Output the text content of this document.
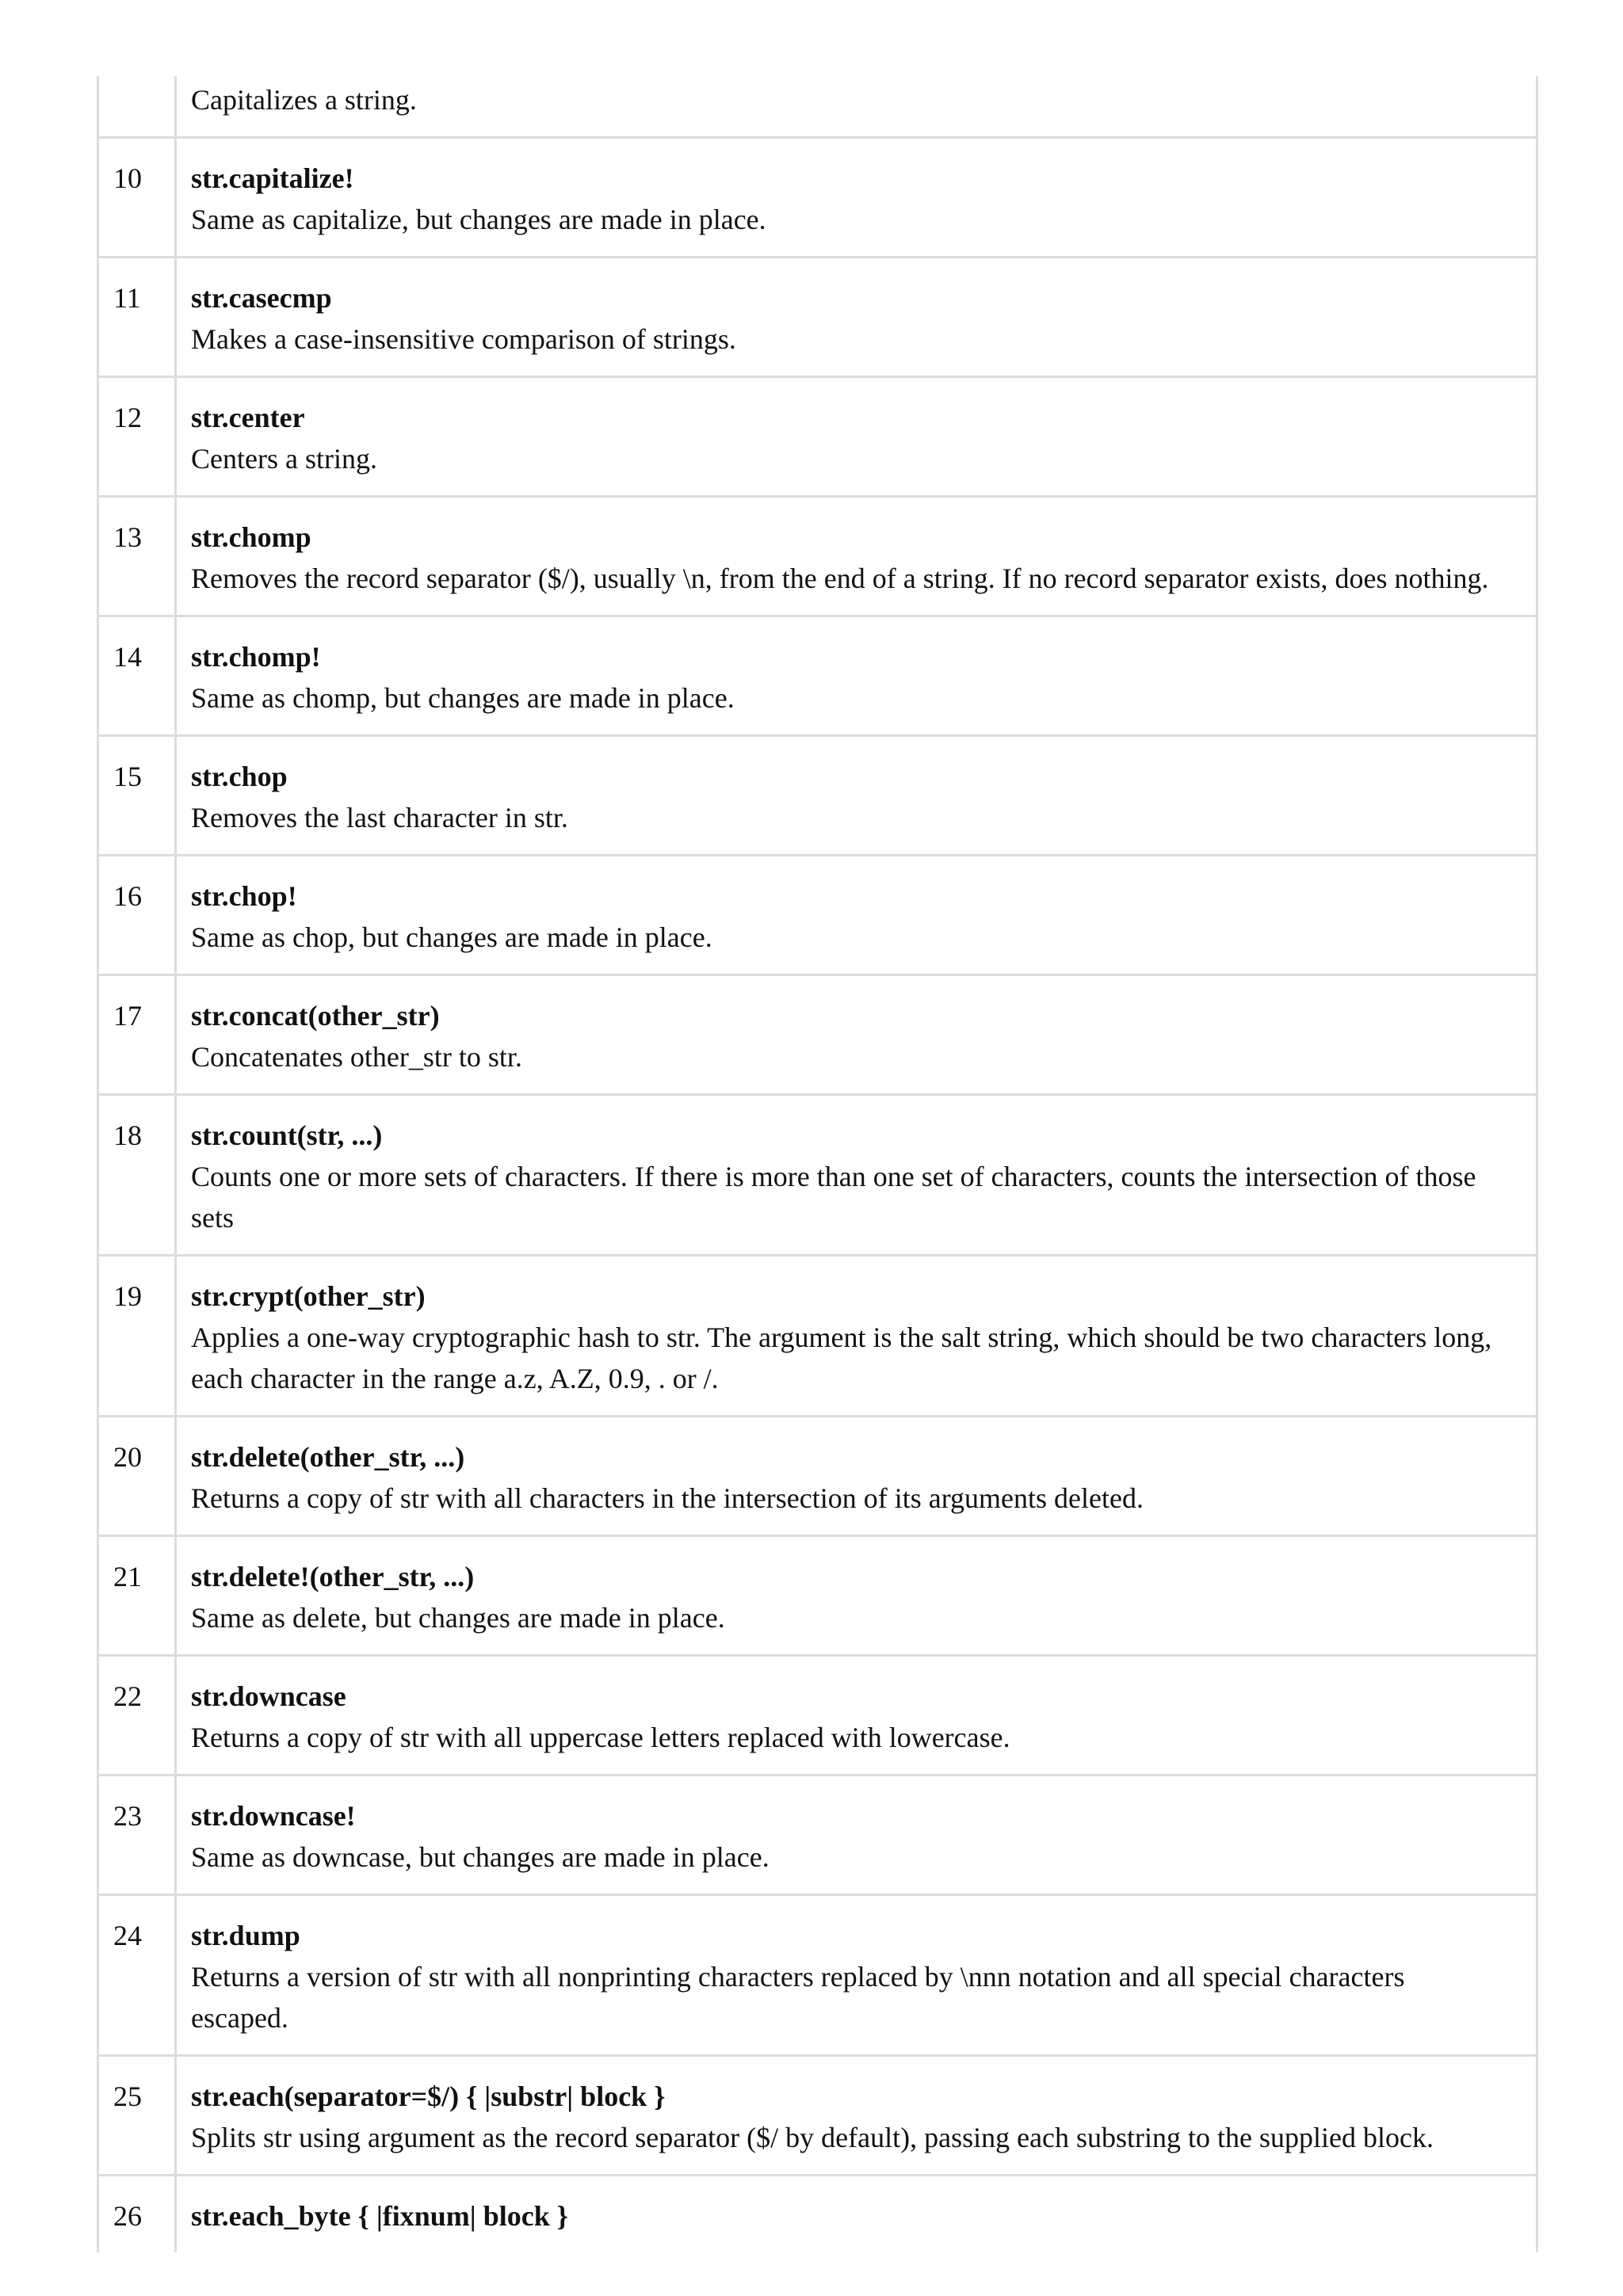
	Capitalizes a string.

10	str.capitalize!
Same as capitalize, but changes are made in place.

11	str.casecmp
Makes a case-insensitive comparison of strings.

12	str.center
Centers a string.

13	str.chomp
Removes the record separator ($/), usually \n, from the end of a string. If no record separator exists, does nothing.

14	str.chomp!
Same as chomp, but changes are made in place.

15	str.chop
Removes the last character in str.

16	str.chop!
Same as chop, but changes are made in place.

17	str.concat(other_str)
Concatenates other_str to str.

18	str.count(str, ...)
Counts one or more sets of characters. If there is more than one set of characters, counts the intersection of those sets

19	str.crypt(other_str)
Applies a one-way cryptographic hash to str. The argument is the salt string, which should be two characters long, each character in the range a.z, A.Z, 0.9, . or /.

20	str.delete(other_str, ...)
Returns a copy of str with all characters in the intersection of its arguments deleted.

21	str.delete!(other_str, ...)
Same as delete, but changes are made in place.

22	str.downcase
Returns a copy of str with all uppercase letters replaced with lowercase.

23	str.downcase!
Same as downcase, but changes are made in place.

24	str.dump
Returns a version of str with all nonprinting characters replaced by \nnn notation and all special characters escaped.

25	str.each(separator=$/) { |substr| block }
Splits str using argument as the record separator ($/ by default), passing each substring to the supplied block.

26	str.each_byte { |fixnum| block }
